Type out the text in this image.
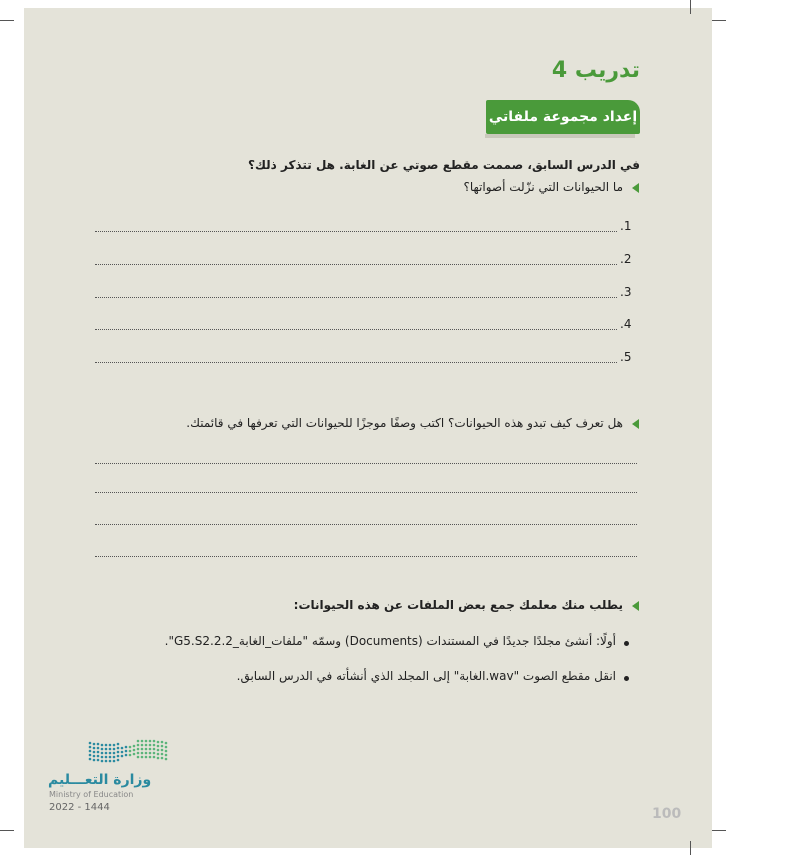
تدريب 4
إعداد مجموعة ملفاتي
في الدرس السابق، صممت مقطع صوتي عن الغابة. هل تتذكر ذلك؟
ما الحيوانات التي نزّلت أصواتها؟
1.
2.
3.
4.
5.
هل تعرف كيف تبدو هذه الحيوانات؟ اكتب وصفًا موجزًا للحيوانات التي تعرفها في قائمتك.
يطلب منك معلمك جمع بعض الملفات عن هذه الحيوانات:
أولًا: أنشئ مجلدًا جديدًا في المستندات (Documents) وسمّه "ملفات_الغابة_G5.S2.2.2".
انقل مقطع الصوت "wav.الغابة" إلى المجلد الذي أنشأته في الدرس السابق.
وزارة التعـــليم
Ministry of Education
2022 - 1444	100
